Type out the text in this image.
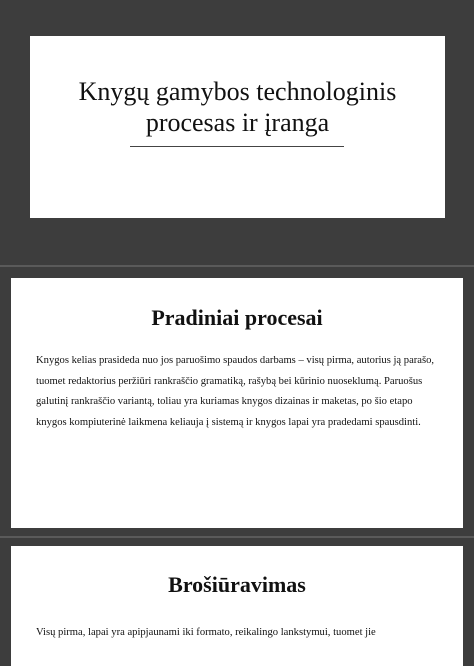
Knygų gamybos technologinis
procesas ir įranga
Pradiniai procesai
Knygos kelias prasideda nuo jos paruošimo spaudos darbams – visų pirma, autorius ją parašo, tuomet redaktorius peržiūri rankraščio gramatiką, rašybą bei kūrinio nuoseklumą. Paruošus galutinį rankraščio variantą, toliau yra kuriamas knygos dizainas ir maketas, po šio etapo knygos kompiuterinė laikmena keliauja į sistemą ir knygos lapai yra pradedami spausdinti.
Brošiūravimas
Visų pirma, lapai yra apipjaunami iki formato, reikalingo lankstymui, tuomet jie
